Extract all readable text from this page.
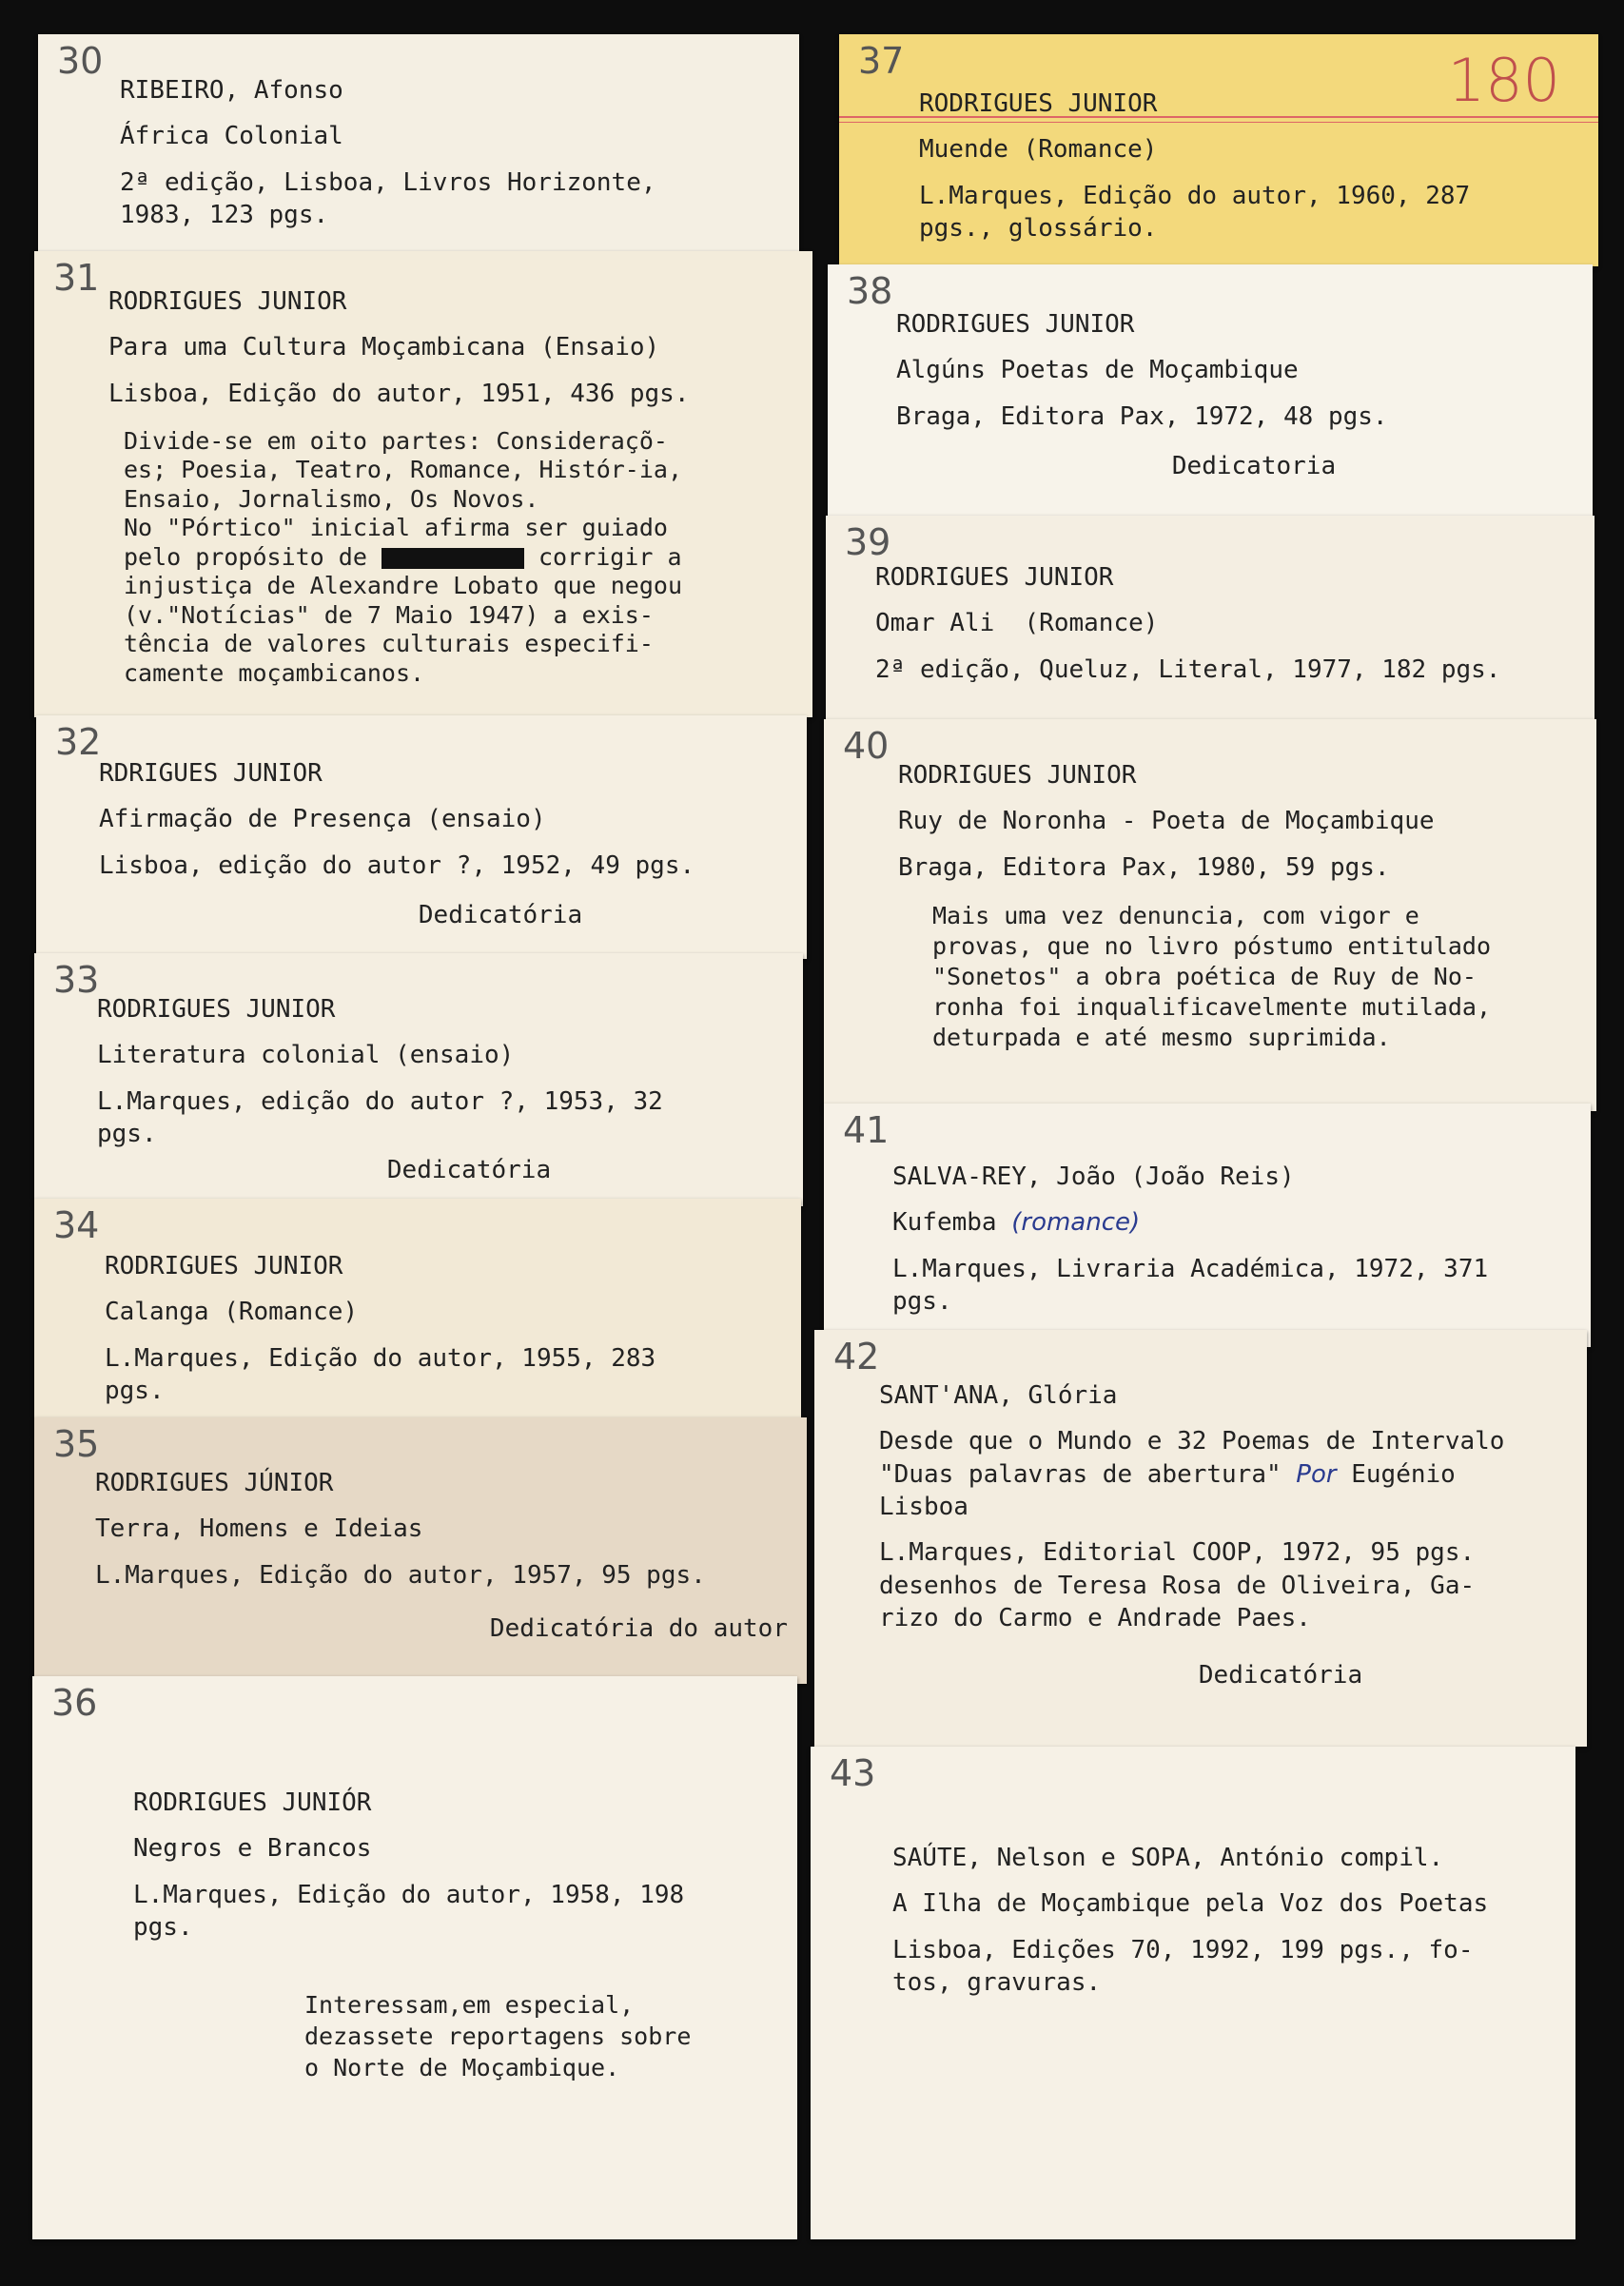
30

RIBEIRO, Afonso

África Colonial

2ª edição, Lisboa, Livros Horizonte,
1983, 123 pgs.

31

RODRIGUES JUNIOR

Para uma Cultura Moçambicana (Ensaio)

Lisboa, Edição do autor, 1951, 436 pgs.

Divide-se em oito partes: Consideraçõ-
es; Poesia, Teatro, Romance, Histór-ia,
Ensaio, Jornalismo, Os Novos.
No "Pórtico" inicial afirma ser guiado
pelo propósito de	corrigir a
injustiça de Alexandre Lobato que negou
(v."Notícias" de 7 Maio 1947) a exis-
tência de valores culturais especifi-
camente moçambicanos.
32

RDRIGUES JUNIOR

Afirmação de Presença (ensaio)

Lisboa, edição do autor ?, 1952, 49 pgs.

Dedicatória

33

RODRIGUES JUNIOR

Literatura colonial (ensaio)

L.Marques, edição do autor ?, 1953, 32
pgs.

Dedicatória

34

RODRIGUES JUNIOR

Calanga (Romance)

L.Marques, Edição do autor, 1955, 283
pgs.

35

RODRIGUES JÚNIOR

Terra, Homens e Ideias

L.Marques, Edição do autor, 1957, 95 pgs.

Dedicatória do autor

36

RODRIGUES JUNIÓR

Negros e Brancos

L.Marques, Edição do autor, 1958, 198
pgs.

Interessam,em especial,
dezassete reportagens sobre
o Norte de Moçambique.
37	180

RODRIGUES JUNIOR

Muende (Romance)

L.Marques, Edição do autor, 1960, 287
pgs., glossário.

38

RODRIGUES JUNIOR

Algúns Poetas de Moçambique

Braga, Editora Pax, 1972, 48 pgs.

Dedicatoria

39

RODRIGUES JUNIOR

Omar Ali  (Romance)

2ª edição, Queluz, Literal, 1977, 182 pgs.

40

RODRIGUES JUNIOR

Ruy de Noronha - Poeta de Moçambique

Braga, Editora Pax, 1980, 59 pgs.

Mais uma vez denuncia, com vigor e
provas, que no livro póstumo entitulado
"Sonetos" a obra poética de Ruy de No-
ronha foi inqualificavelmente mutilada,
deturpada e até mesmo suprimida.
41

SALVA-REY, João (João Reis)

Kufemba (romance)

L.Marques, Livraria Académica, 1972, 371
pgs.

42

SANT'ANA, Glória

Desde que o Mundo e 32 Poemas de Intervalo
"Duas palavras de abertura" Por Eugénio
Lisboa

L.Marques, Editorial COOP, 1972, 95 pgs.
desenhos de Teresa Rosa de Oliveira, Ga-
rizo do Carmo e Andrade Paes.

Dedicatória

43

SAÚTE, Nelson e SOPA, António compil.

A Ilha de Moçambique pela Voz dos Poetas

Lisboa, Edições 70, 1992, 199 pgs., fo-
tos, gravuras.
